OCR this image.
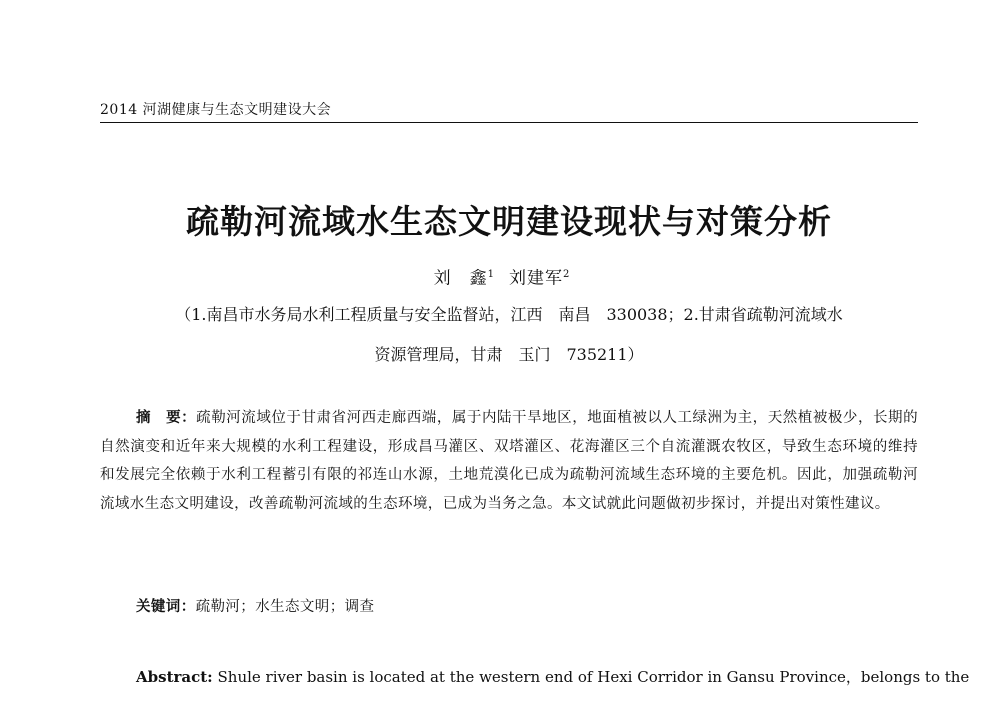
2014 河湖健康与生态文明建设大会
疏勒河流域水生态文明建设现状与对策分析
刘　鑫$^1$ 刘建军$^2$
（1.南昌市水务局水利工程质量与安全监督站，江西　南昌　330038；2.甘肃省疏勒河流域水
资源管理局，甘肃　玉门　735211）
摘　要：疏勒河流域位于甘肃省河西走廊西端，属于内陆干旱地区，地面植被以人工绿洲为主，天然植被极少，长期的自然演变和近年来大规模的水利工程建设，形成昌马灌区、双塔灌区、花海灌区三个自流灌溉农牧区，导致生态环境的维持和发展完全依赖于水利工程蓄引有限的祁连山水源，土地荒漠化已成为疏勒河流域生态环境的主要危机。因此，加强疏勒河流域水生态文明建设，改善疏勒河流域的生态环境，已成为当务之急。本文试就此问题做初步探讨，并提出对策性建议。
关键词：疏勒河；水生态文明；调查
Abstract: Shule river basin is located at the western end of Hexi Corridor in Gansu Province，belongs to the
